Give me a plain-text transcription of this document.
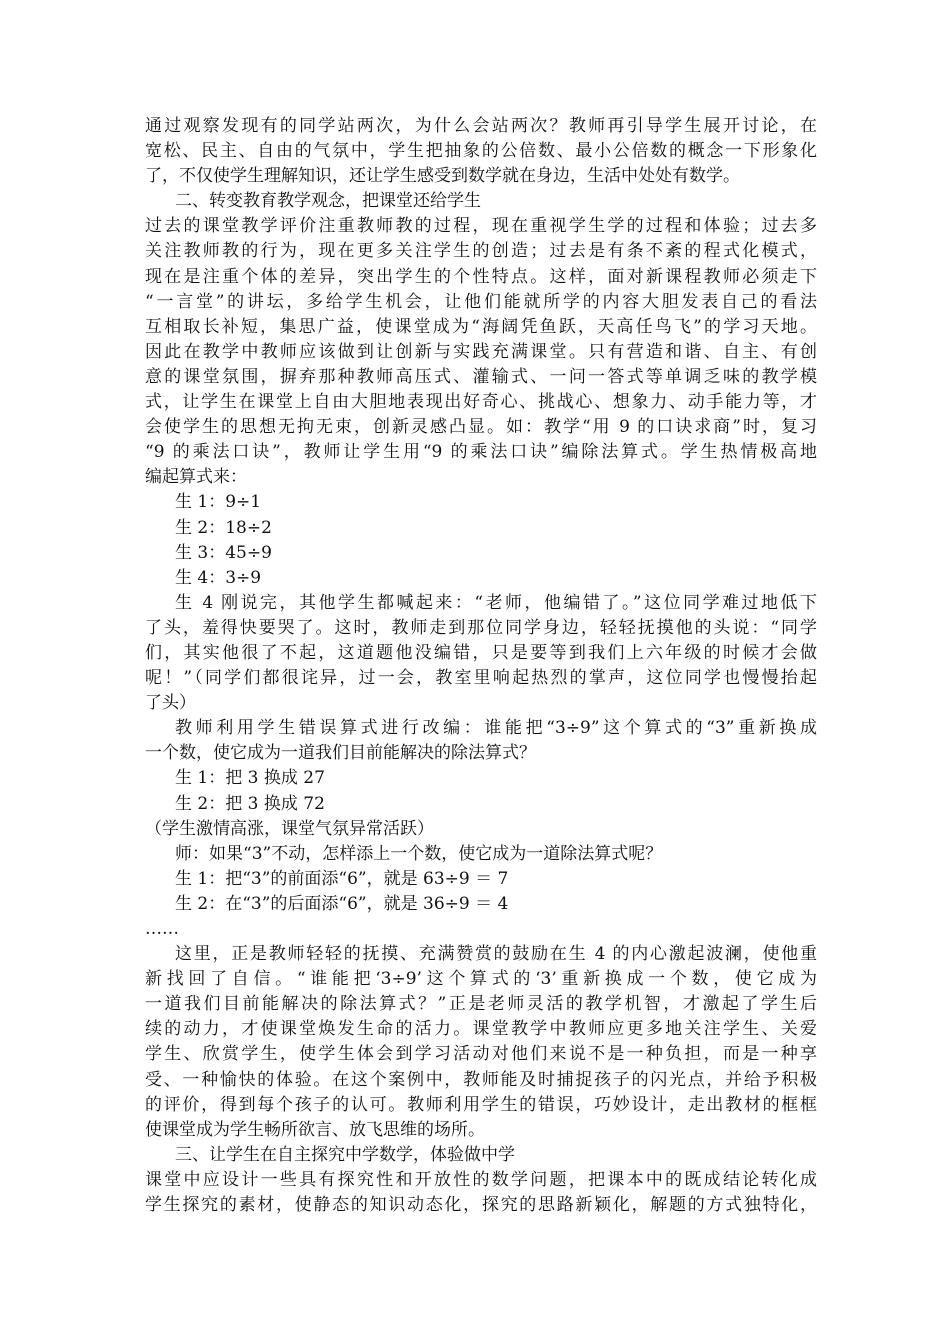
通过观察发现有的同学站两次，为什么会站两次？教师再引导学生展开讨论，在
宽松、民主、自由的气氛中，学生把抽象的公倍数、最小公倍数的概念一下形象化
了，不仅使学生理解知识，还让学生感受到数学就在身边，生活中处处有数学。
二、转变教育教学观念，把课堂还给学生
过去的课堂教学评价注重教师教的过程，现在重视学生学的过程和体验；过去多
关注教师教的行为，现在更多关注学生的创造；过去是有条不紊的程式化模式，
现在是注重个体的差异，突出学生的个性特点。这样，面对新课程教师必须走下
“一言堂”的讲坛，多给学生机会，让他们能就所学的内容大胆发表自己的看法
互相取长补短，集思广益，使课堂成为“海阔凭鱼跃，天高任鸟飞”的学习天地。
因此在教学中教师应该做到让创新与实践充满课堂。只有营造和谐、自主、有创
意的课堂氛围，摒弃那种教师高压式、灌输式、一问一答式等单调乏味的教学模
式，让学生在课堂上自由大胆地表现出好奇心、挑战心、想象力、动手能力等，才
会使学生的思想无拘无束，创新灵感凸显。如：教学“用 9 的口诀求商”时，复习
“9 的乘法口诀”，教师让学生用“9 的乘法口诀”编除法算式。学生热情极高地
编起算式来：
生 1：9÷1
生 2：18÷2
生 3：45÷9
生 4：3÷9
生 4 刚说完，其他学生都喊起来：“老师，他编错了。”这位同学难过地低下
了头，羞得快要哭了。这时，教师走到那位同学身边，轻轻抚摸他的头说：“同学
们，其实他很了不起，这道题他没编错，只是要等到我们上六年级的时候才会做
呢！”（同学们都很诧异，过一会，教室里响起热烈的掌声，这位同学也慢慢抬起
了头）
教师利用学生错误算式进行改编：谁能把“3÷9”这个算式的“3”重新换成
一个数，使它成为一道我们目前能解决的除法算式？
生 1：把 3 换成 27
生 2：把 3 换成 72
（学生激情高涨，课堂气氛异常活跃）
师：如果“3”不动，怎样添上一个数，使它成为一道除法算式呢？
生 1：把“3”的前面添“6”，就是 63÷9 ＝ 7
生 2：在“3”的后面添“6”，就是 36÷9 ＝ 4
……
这里，正是教师轻轻的抚摸、充满赞赏的鼓励在生 4 的内心激起波澜，使他重
新找回了自信。“谁能把‘3÷9’这个算式的‘3’重新换成一个数，使它成为
一道我们目前能解决的除法算式？”正是老师灵活的教学机智，才激起了学生后
续的动力，才使课堂焕发生命的活力。课堂教学中教师应更多地关注学生、关爱
学生、欣赏学生，使学生体会到学习活动对他们来说不是一种负担，而是一种享
受、一种愉快的体验。在这个案例中，教师能及时捕捉孩子的闪光点，并给予积极
的评价，得到每个孩子的认可。教师利用学生的错误，巧妙设计，走出教材的框框
使课堂成为学生畅所欲言、放飞思维的场所。
三、让学生在自主探究中学数学，体验做中学
课堂中应设计一些具有探究性和开放性的数学问题，把课本中的既成结论转化成
学生探究的素材，使静态的知识动态化，探究的思路新颖化，解题的方式独特化，
